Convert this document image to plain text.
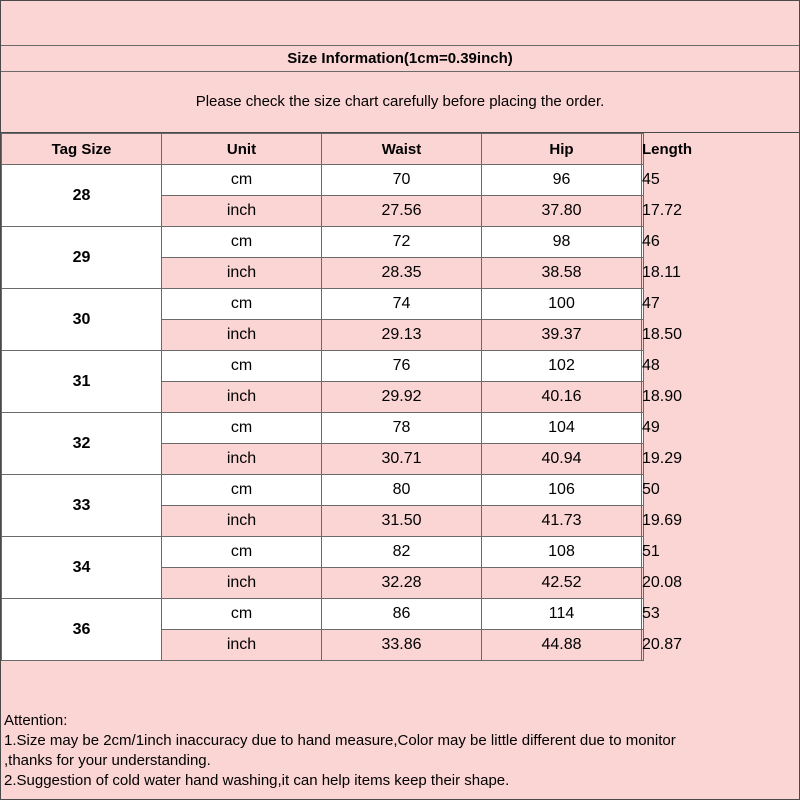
Size Information(1cm=0.39inch)
Please check the size chart carefully before placing the order.
Tag Size	Unit	Waist	Hip	Length
28	cm	70	96	45
	inch	27.56	37.80	17.72
29	cm	72	98	46
	inch	28.35	38.58	18.11
30	cm	74	100	47
	inch	29.13	39.37	18.50
31	cm	76	102	48
	inch	29.92	40.16	18.90
32	cm	78	104	49
	inch	30.71	40.94	19.29
33	cm	80	106	50
	inch	31.50	41.73	19.69
34	cm	82	108	51
	inch	32.28	42.52	20.08
36	cm	86	114	53
	inch	33.86	44.88	20.87
Attention:
1.Size may be 2cm/1inch inaccuracy due to hand measure,Color may be little different due to monitor
,thanks for your understanding.
2.Suggestion of cold water hand washing,it can help items keep their shape.
